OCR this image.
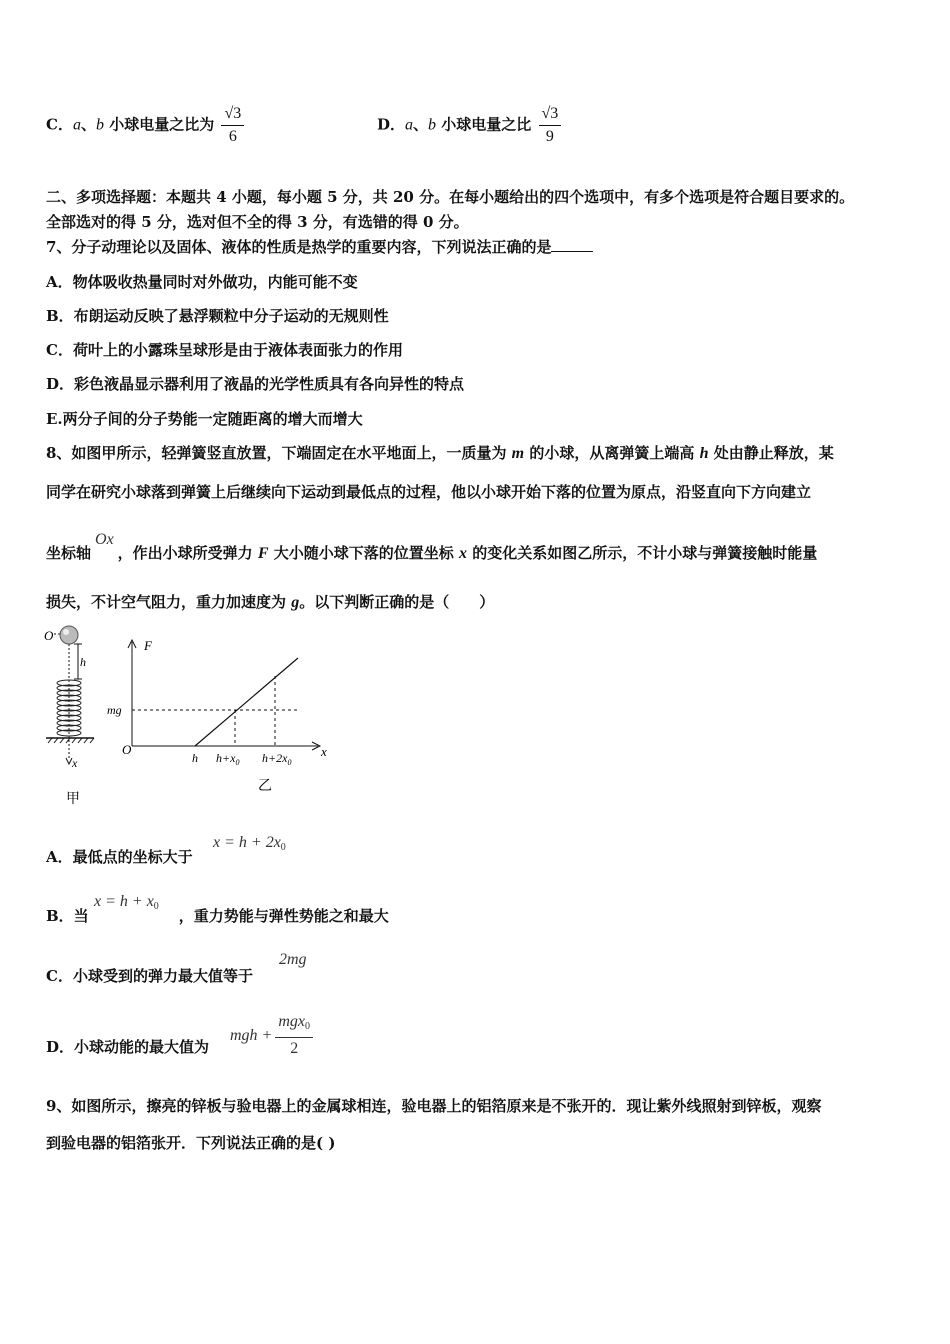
C．a、b 小球电量之比为 $\frac{√3}{6}$	D．a、b 小球电量之比 $\frac{√3}{9}$
二、多项选择题：本题共 4 小题，每小题 5 分，共 20 分。在每小题给出的四个选项中，有多个选项是符合题目要求的。
全部选对的得 5 分，选对但不全的得 3 分，有选错的得 0 分。
7、分子动理论以及固体、液体的性质是热学的重要内容，下列说法正确的是
A．物体吸收热量同时对外做功，内能可能不变
B．布朗运动反映了悬浮颗粒中分子运动的无规则性
C．荷叶上的小露珠呈球形是由于液体表面张力的作用
D．彩色液晶显示器利用了液晶的光学性质具有各向异性的特点
E.两分子间的分子势能一定随距离的增大而增大
8、如图甲所示，轻弹簧竖直放置，下端固定在水平地面上，一质量为 m 的小球，从离弹簧上端高 h 处由静止释放，某
同学在研究小球落到弹簧上后继续向下运动到最低点的过程，他以小球开始下落的位置为原点，沿竖直向下方向建立
坐标轴Ox，作出小球所受弹力 F 大小随小球下落的位置坐标 x 的变化关系如图乙所示，不计小球与弹簧接触时能量
损失，不计空气阻力，重力加速度为 g。以下判断正确的是（　　）
O
h
x
甲
F
x
O
mg
h $h+x_0$ $h+2x_0$
乙
A．最低点的坐标大于
$x = h + 2x_0$
B．当	，重力势能与弹性势能之和最大
$x = h + x_0$
C．小球受到的弹力最大值等于
2mg
D．小球动能的最大值为
mgh +
mgx$_0$
2
9、如图所示，擦亮的锌板与验电器上的金属球相连，验电器上的铝箔原来是不张开的．现让紫外线照射到锌板，观察
到验电器的铝箔张开．下列说法正确的是( )
